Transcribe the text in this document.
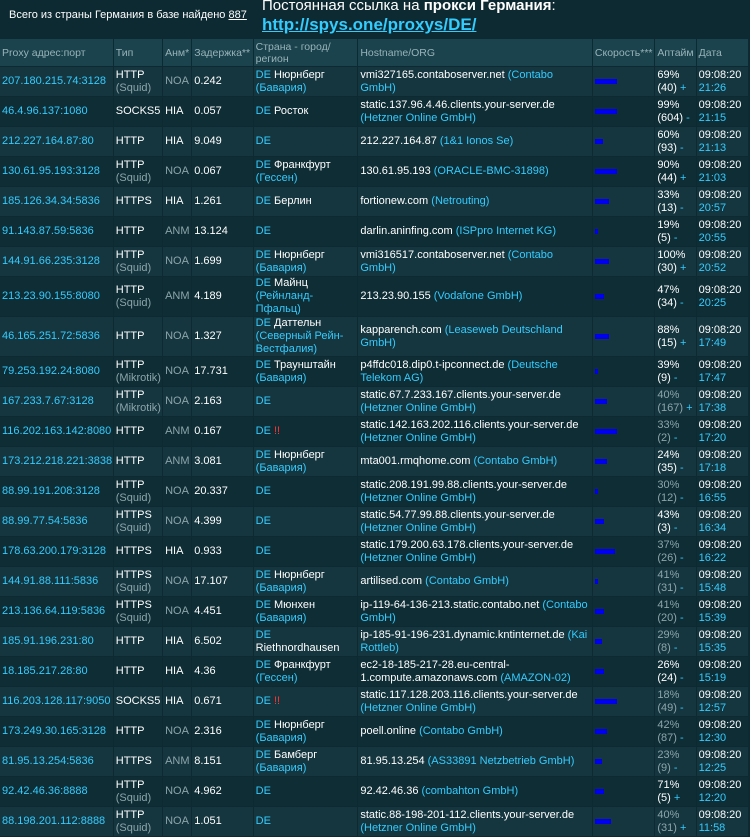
Всего из страны Германия в базе найдено 887
Постоянная ссылка на прокси Германия:
http://spys.one/proxys/DE/
Proxy адрес:порт	Тип	Анм*	Задержка**	Страна - город/
регион	Hostname/ORG	Скорость***	Аптайм	Дата
207.180.215.74:3128	HTTP
(Squid)	NOA	0.242	DE Нюрнберг
(Бавария)	vmi327165.contaboserver.net (Contabo GmbH)		69%
(40) +	09:08:20
21:26
46.4.96.137:1080	SOCKS5	HIA	0.057	DE Росток	static.137.96.4.46.clients.your-server.de (Hetzner Online GmbH)		99%
(604) -	09:08:20
21:15
212.227.164.87:80	HTTP	HIA	9.049	DE	212.227.164.87 (1&1 Ionos Se)		60%
(93) -	09:08:20
21:13
130.61.95.193:3128	HTTP
(Squid)	NOA	0.067	DE Франкфурт
(Гессен)	130.61.95.193 (ORACLE-BMC-31898)		90%
(44) +	09:08:20
21:03
185.126.34.34:5836	HTTPS	HIA	1.261	DE Берлин	fortionew.com (Netrouting)		33%
(13) -	09:08:20
20:57
91.143.87.59:5836	HTTP	ANM	13.124	DE	darlin.aninfing.com (ISPpro Internet KG)		19%
(5) -	09:08:20
20:55
144.91.66.235:3128	HTTP
(Squid)	NOA	1.699	DE Нюрнберг
(Бавария)	vmi316517.contaboserver.net (Contabo GmbH)		100%
(30) +	09:08:20
20:52
213.23.90.155:8080	HTTP
(Squid)	ANM	4.189	DE Майнц
(Рейнланд-Пфальц)	213.23.90.155 (Vodafone GmbH)		47%
(34) -	09:08:20
20:25
46.165.251.72:5836	HTTP	NOA	1.327	DE Даттельн
(Северный Рейн-Вестфалия)	kapparench.com (Leaseweb Deutschland GmbH)		88%
(15) +	09:08:20
17:49
79.253.192.24:8080	HTTP
(Mikrotik)	NOA	17.731	DE Траунштайн
(Бавария)	p4ffdc018.dip0.t-ipconnect.de (Deutsche Telekom AG)		39%
(9) -	09:08:20
17:47
167.233.7.67:3128	HTTP
(Mikrotik)	NOA	2.163	DE	static.67.7.233.167.clients.your-server.de (Hetzner Online GmbH)		40%
(167) +	09:08:20
17:38
116.202.163.142:8080	HTTP	ANM	0.167	DE !!	static.142.163.202.116.clients.your-server.de (Hetzner Online GmbH)		33%
(2) -	09:08:20
17:20
173.212.218.221:3838	HTTP	ANM	3.081	DE Нюрнберг
(Бавария)	mta001.rmqhome.com (Contabo GmbH)		24%
(35) -	09:08:20
17:18
88.99.191.208:3128	HTTP
(Squid)	NOA	20.337	DE	static.208.191.99.88.clients.your-server.de (Hetzner Online GmbH)		30%
(12) -	09:08:20
16:55
88.99.77.54:5836	HTTPS
(Squid)	NOA	4.399	DE	static.54.77.99.88.clients.your-server.de (Hetzner Online GmbH)		43%
(3) -	09:08:20
16:34
178.63.200.179:3128	HTTPS	HIA	0.933	DE	static.179.200.63.178.clients.your-server.de (Hetzner Online GmbH)		37%
(26) -	09:08:20
16:22
144.91.88.111:5836	HTTPS
(Squid)	NOA	17.107	DE Нюрнберг
(Бавария)	artilised.com (Contabo GmbH)		41%
(31) -	09:08:20
15:48
213.136.64.119:5836	HTTPS
(Squid)	NOA	4.451	DE Мюнхен
(Бавария)	ip-119-64-136-213.static.contabo.net (Contabo GmbH)		41%
(20) -	09:08:20
15:39
185.91.196.231:80	HTTP	HIA	6.502	DE Riethnordhausen	ip-185-91-196-231.dynamic.kntinternet.de (Kai Rottleb)		29%
(8) -	09:08:20
15:35
18.185.217.28:80	HTTP	HIA	4.36	DE Франкфурт
(Гессен)	ec2-18-185-217-28.eu-central-1.compute.amazonaws.com (AMAZON-02)		26%
(24) -	09:08:20
15:19
116.203.128.117:9050	SOCKS5	HIA	0.671	DE !!	static.117.128.203.116.clients.your-server.de (Hetzner Online GmbH)		18%
(49) -	09:08:20
12:57
173.249.30.165:3128	HTTP	NOA	2.316	DE Нюрнберг
(Бавария)	poell.online (Contabo GmbH)		42%
(87) -	09:08:20
12:30
81.95.13.254:5836	HTTPS	ANM	8.151	DE Бамберг
(Бавария)	81.95.13.254 (AS33891 Netzbetrieb GmbH)		23%
(9) -	09:08:20
12:25
92.42.46.36:8888	HTTP
(Squid)	NOA	4.962	DE	92.42.46.36 (combahton GmbH)		71%
(5) +	09:08:20
12:20
88.198.201.112:8888	HTTP
(Squid)	NOA	1.051	DE	static.88-198-201-112.clients.your-server.de (Hetzner Online GmbH)		40%
(31) +	09:08:20
11:58
